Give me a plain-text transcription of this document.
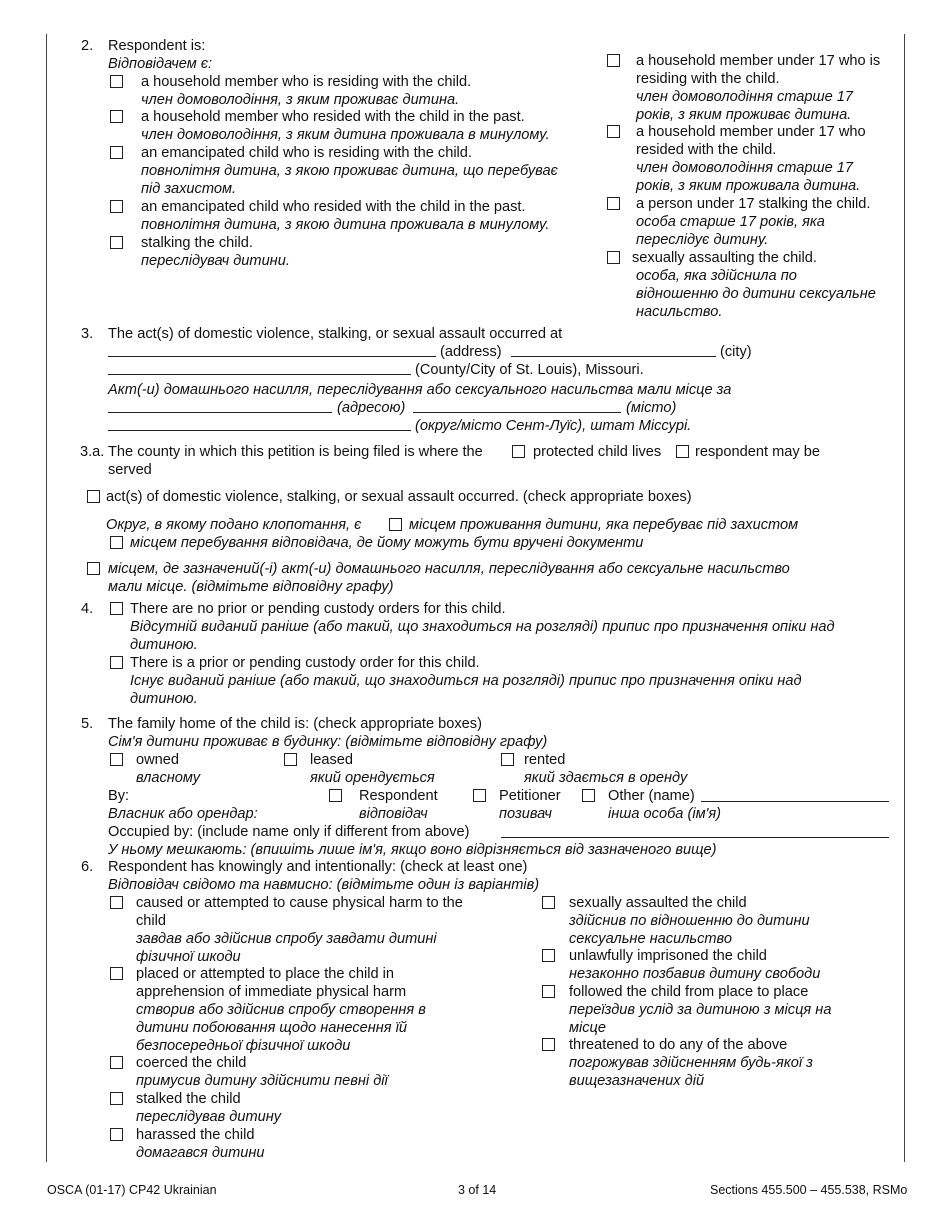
2. Respondent is:
Відповідачем є:
a household member who is residing with the child.
член домоволодіння, з яким проживає дитина.
a household member who resided with the child in the past.
член домоволодіння, з яким дитина проживала в минулому.
an emancipated child who is residing with the child.
повнолітня дитина, з якою проживає дитина, що перебуває
під захистом.
an emancipated child who resided with the child in the past.
повнолітня дитина, з якою дитина проживала в минулому.
stalking the child.
переслідувач дитини.
a household member under 17 who is
residing with the child.
член домоволодіння старше 17
років, з яким проживає дитина.
a household member under 17 who
resided with the child.
член домоволодіння старше 17
років, з яким проживала дитина.
a person under 17 stalking the child.
особа старше 17 років, яка
переслідує дитину.
sexually assaulting the child.
особа, яка здійснила по
відношенню до дитини сексуальне
насильство.
3. The act(s) of domestic violence, stalking, or sexual assault occurred at
(address)	(city)
(County/City of St. Louis), Missouri.
Акт(-и) домашнього насилля, переслідування або сексуального насильства мали місце за
(адресою)	(місто)
(округ/місто Сент-Луїс), штат Міссурі.
3.a. The county in which this petition is being filed is where the	protected child lives respondent may be
served
act(s) of domestic violence, stalking, or sexual assault occurred. (check appropriate boxes)
Округ, в якому подано клопотання, є	місцем проживання дитини, яка перебуває під захистом
місцем перебування відповідача, де йому можуть бути вручені документи
місцем, де зазначений(-і) акт(-и) домашнього насилля, переслідування або сексуальне насильство
мали місце. (відмітьте відповідну графу)
4.	There are no prior or pending custody orders for this child.
Відсутній виданий раніше (або такий, що знаходиться на розгляді) припис про призначення опіки над
дитиною.
There is a prior or pending custody order for this child.
Існує виданий раніше (або такий, що знаходиться на розгляді) припис про призначення опіки над
дитиною.
5. The family home of the child is: (check appropriate boxes)
Сім'я дитини проживає в будинку: (відмітьте відповідну графу)
owned
власному
leased
який орендується
rented
який здається в оренду
By:
Власник або орендар:
Respondent
відповідач
Petitioner
позивач
Other (name)
інша особа (ім'я)
Occupied by: (include name only if different from above)
У ньому мешкають: (впишіть лише ім'я, якщо воно відрізняється від зазначеного вище)
6. Respondent has knowingly and intentionally: (check at least one)
Відповідач свідомо та навмисно: (відмітьте один із варіантів)
caused or attempted to cause physical harm to the
child
завдав або здійснив спробу завдати дитині
фізичної шкоди
placed or attempted to place the child in
apprehension of immediate physical harm
створив або здійснив спробу створення в
дитини побоювання щодо нанесення їй
безпосередньої фізичної шкоди
coerced the child
примусив дитину здійснити певні дії
stalked the child
переслідував дитину
harassed the child
домагався дитини
sexually assaulted the child
здійснив по відношенню до дитини
сексуальне насильство
unlawfully imprisoned the child
незаконно позбавив дитину свободи
followed the child from place to place
переїздив услід за дитиною з місця на
місце
threatened to do any of the above
погрожував здійсненням будь-якої з
вищезазначених дій
OSCA (01-17) CP42 Ukrainian	3 of 14	Sections 455.500 – 455.538, RSMo
